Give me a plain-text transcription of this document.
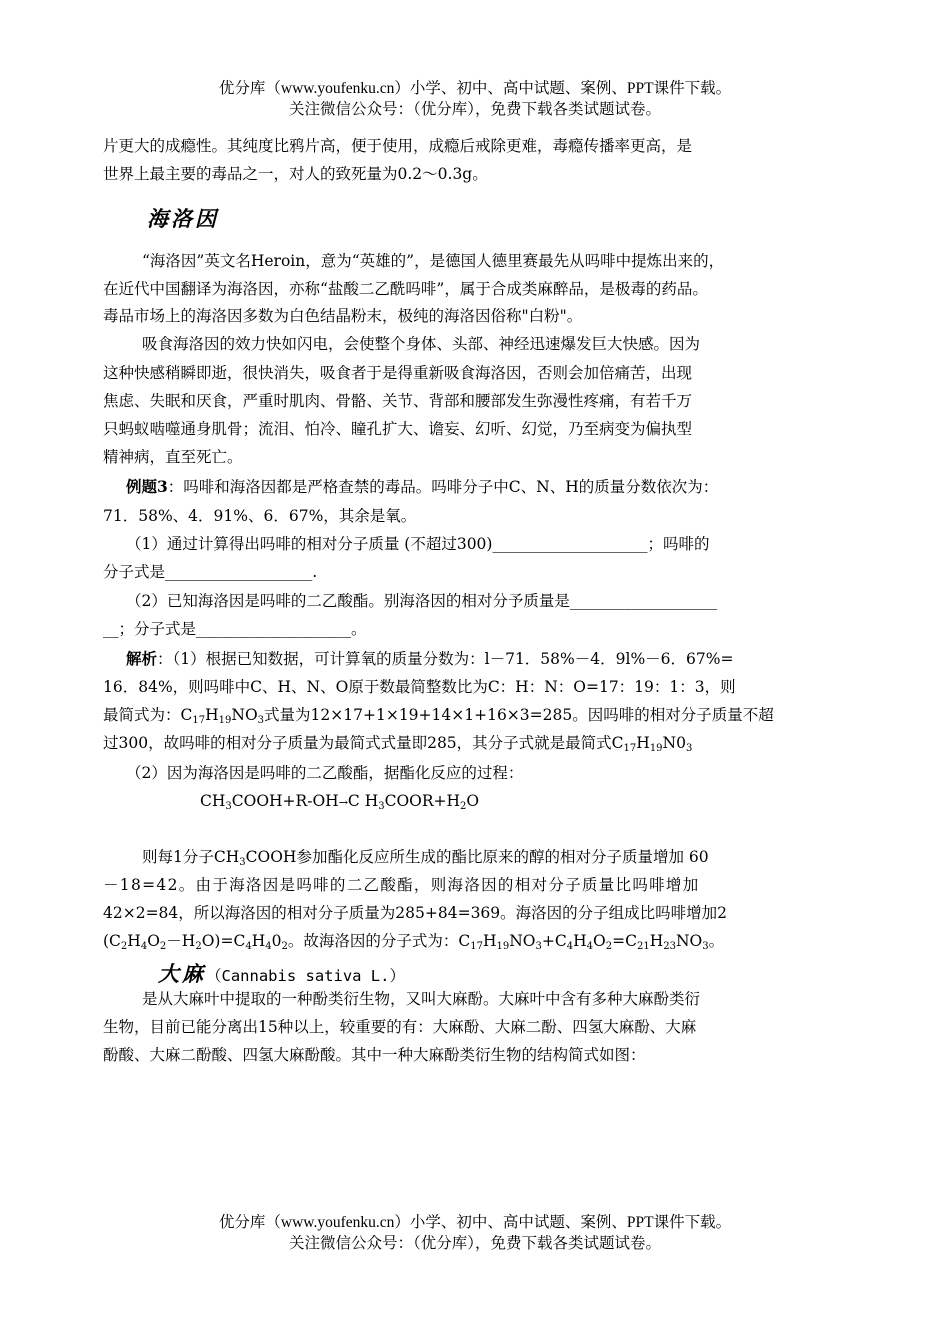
优分库（www.youfenku.cn）小学、初中、高中试题、案例、PPT课件下载。
关注微信公众号：（优分库），免费下载各类试题试卷。
片更大的成瘾性。其纯度比鸦片高，便于使用，成瘾后戒除更难，毒瘾传播率更高，是
世界上最主要的毒品之一，对人的致死量为0.2～0.3g。
海洛因
“海洛因”英文名Heroin，意为“英雄的”，是德国人德里赛最先从吗啡中提炼出来的，
在近代中国翻译为海洛因，亦称“盐酸二乙酰吗啡”，属于合成类麻醉品，是极毒的药品。
毒品市场上的海洛因多数为白色结晶粉末，极纯的海洛因俗称"白粉"。
吸食海洛因的效力快如闪电，会使整个身体、头部、神经迅速爆发巨大快感。因为
这种快感稍瞬即逝，很快消失，吸食者于是得重新吸食海洛因，否则会加倍痛苦，出现
焦虑、失眠和厌食，严重时肌肉、骨骼、关节、背部和腰部发生弥漫性疼痛，有若千万
只蚂蚁啮噬通身肌骨；流泪、怕冷、瞳孔扩大、谵妄、幻听、幻觉，乃至病变为偏执型
精神病，直至死亡。
例题3：吗啡和海洛因都是严格查禁的毒品。吗啡分子中C、N、H的质量分数依次为：
71．58%、4．91%、6．67%，其余是氧。
（1）通过计算得出吗啡的相对分子质量 (不超过300)____________________；吗啡的
分子式是___________________.
（2）已知海洛因是吗啡的二乙酸酯。别海洛因的相对分予质量是___________________
__；分子式是____________________。
解析：（1）根据已知数据，可计算氧的质量分数为：l－71．58%－4．9l%－6．67%=
16．84%，则吗啡中C、H、N、O原于数最简整数比为C：H：N：O=17：19：1：3，则
最简式为：$C_{17}H_{19}NO_3$式量为12×17+1×19+14×1+16×3=285。因吗啡的相对分子质量不超
过300，故吗啡的相对分子质量为最简式式量即285，其分子式就是最简式$C_{17}H_{19}N0_3$
（2）因为海洛因是吗啡的二乙酸酯，据酯化反应的过程：
$CH_3COOH+R-OH\to C$ $H_3COOR+H_2O$
则每1分子$CH_3COOH$参加酯化反应所生成的酯比原来的醇的相对分子质量增加 60
－18=42。由于海洛因是吗啡的二乙酸酯，则海洛因的相对分子质量比吗啡增加
42×2=84，所以海洛因的相对分子质量为285+84=369。海洛因的分子组成比吗啡增加2
$(C_2H_4O_2-H_2O)=C_4H_40_2$。故海洛因的分子式为：$C_{17}H_{19}NO_3+C_4H_4O_2=C_{21}H_{23}NO_3$。
大麻（Cannabis sativa L.）
是从大麻叶中提取的一种酚类衍生物，又叫大麻酚。大麻叶中含有多种大麻酚类衍
生物，目前已能分离出15种以上，较重要的有：大麻酚、大麻二酚、四氢大麻酚、大麻
酚酸、大麻二酚酸、四氢大麻酚酸。其中一种大麻酚类衍生物的结构简式如图：
优分库（www.youfenku.cn）小学、初中、高中试题、案例、PPT课件下载。
关注微信公众号：（优分库），免费下载各类试题试卷。
